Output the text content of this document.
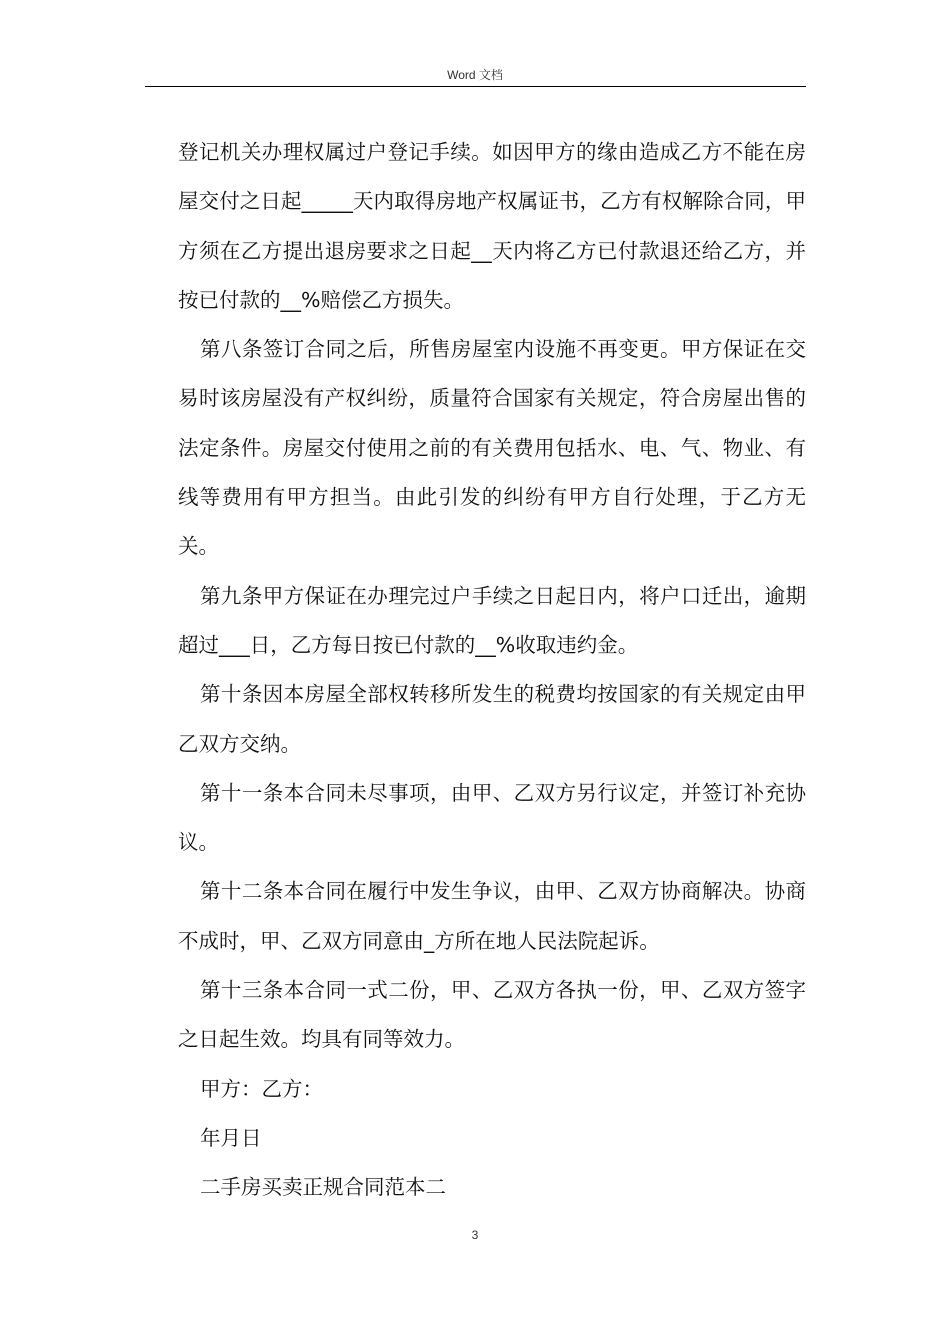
Word 文档

登记机关办理权属过户登记手续。如因甲方的缘由造成乙方不能在房屋交付之日起_____天内取得房地产权属证书，乙方有权解除合同，甲方须在乙方提出退房要求之日起__天内将乙方已付款退还给乙方，并按已付款的__%赔偿乙方损失。

第八条签订合同之后，所售房屋室内设施不再变更。甲方保证在交易时该房屋没有产权纠纷，质量符合国家有关规定，符合房屋出售的法定条件。房屋交付使用之前的有关费用包括水、电、气、物业、有线等费用有甲方担当。由此引发的纠纷有甲方自行处理，于乙方无关。

第九条甲方保证在办理完过户手续之日起日内，将户口迁出，逾期超过___日，乙方每日按已付款的__%收取违约金。

第十条因本房屋全部权转移所发生的税费均按国家的有关规定由甲乙双方交纳。

第十一条本合同未尽事项，由甲、乙双方另行议定，并签订补充协议。

第十二条本合同在履行中发生争议，由甲、乙双方协商解决。协商不成时，甲、乙双方同意由_方所在地人民法院起诉。

第十三条本合同一式二份，甲、乙双方各执一份，甲、乙双方签字之日起生效。均具有同等效力。

甲方：乙方：

年月日

二手房买卖正规合同范本二

3
